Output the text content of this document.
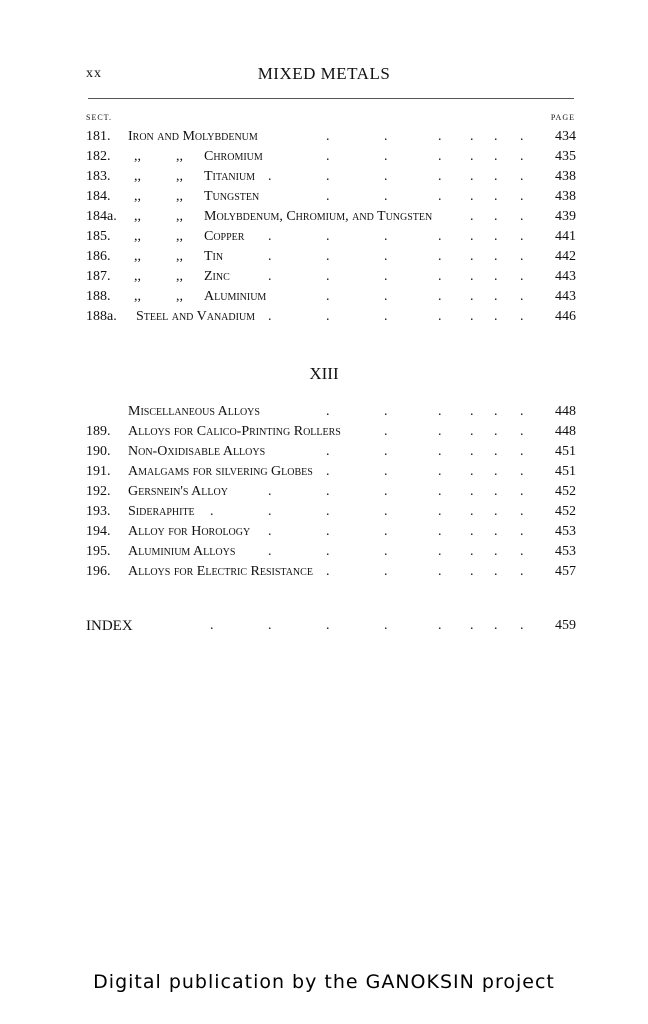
xx	MIXED METALS
SECT.	PAGE
181. Iron and Molybdenum	434
.	.	. . . .
182. ,,	,, Chromium	435
.	.	. . . .
183. ,,	,, Titanium	438
.	.	.	. . . .
184. ,,	,, Tungsten	438
.	.	. . . .
184a. ,,	,, Molybdenum, Chromium, and Tungsten	439
. . .
185. ,,	,, Copper	441
.	.	.	. . . .
186. ,,	,, Tin	442
.	.	.	. . . .
187. ,,	,, Zinc	443
.	.	.	. . . .
188. ,,	,, Aluminium	443
.	.	. . . .
188a. Steel and Vanadium	446
.	.	.	. . . .
XIII
Miscellaneous Alloys	448
.	.	. . . .
189. Alloys for Calico-Printing Rollers	448
.	. . . .
190. Non-Oxidisable Alloys	451
.	.	. . . .
191. Amalgams for silvering Globes	451
.	.	. . . .
192. Gersnein's Alloy	452
.	.	.	. . . .
193. Sideraphite	452
.	.	.	.	. . . .
194. Alloy for Horology	453
.	.	.	. . . .
195. Aluminium Alloys	453
.	.	.	. . . .
196. Alloys for Electric Resistance	457
.	.	. . . .
INDEX	459
.	.	.	.	. . . .
Digital publication by the GANOKSIN project
